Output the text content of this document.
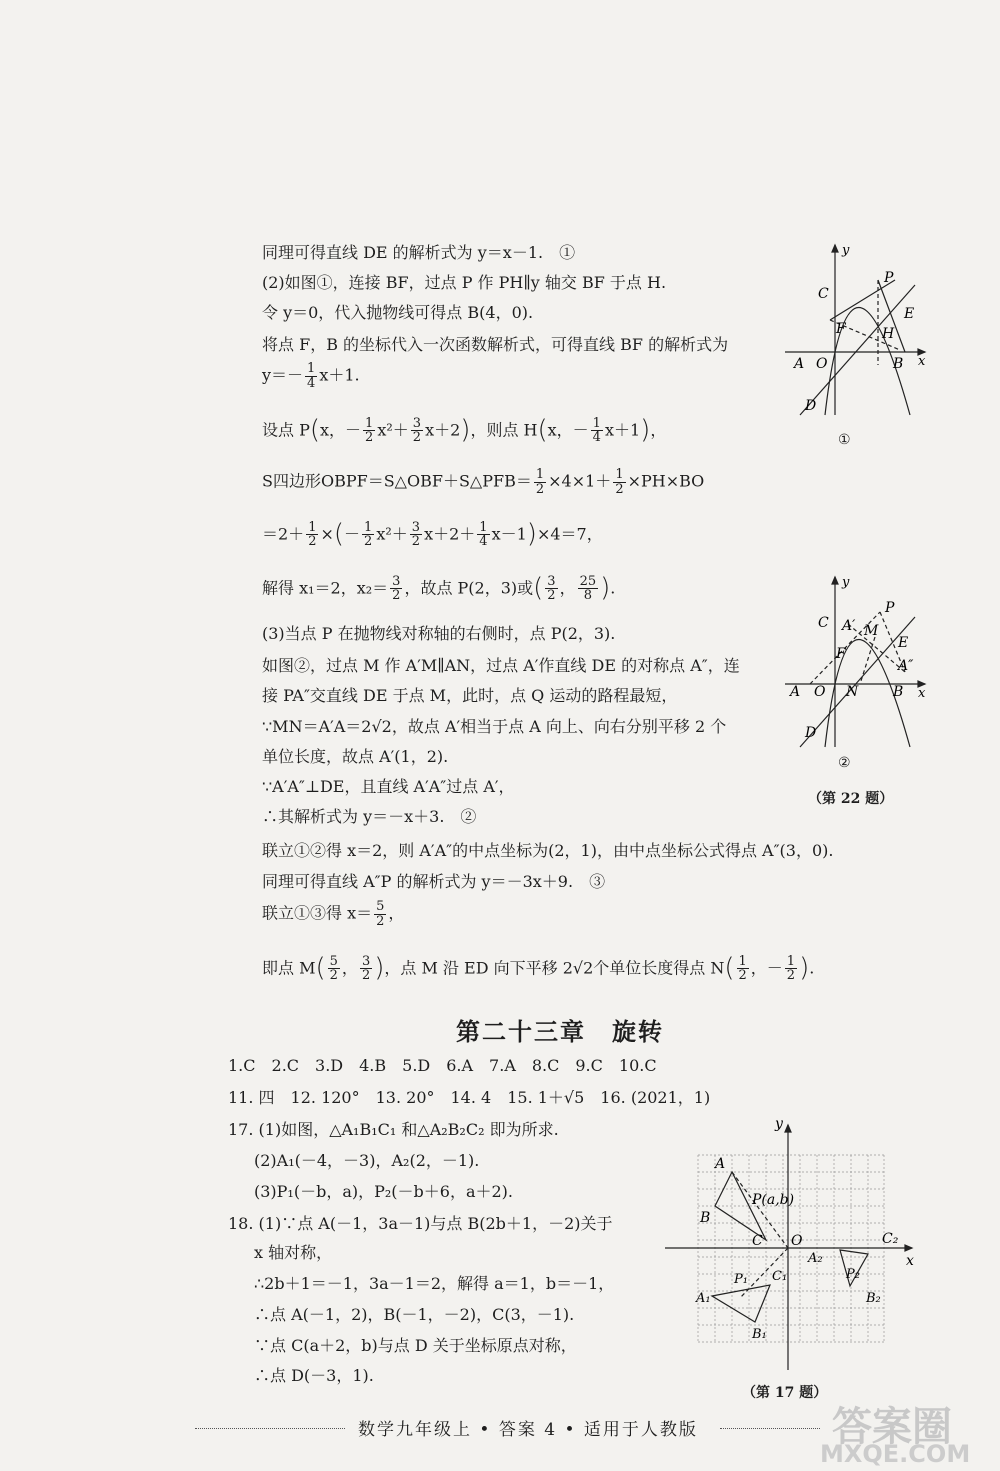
同理可得直线 DE 的解析式为 y＝x－1.　①
(2)如图①，连接 BF，过点 P 作 PH∥y 轴交 BF 于点 H.
令 y＝0，代入抛物线可得点 B(4，0).
将点 F，B 的坐标代入一次函数解析式，可得直线 BF 的解析式为
$y=- \frac{1}{4} x+1$.
设点 P(x，－ $\frac{1}{2} x^2+ \frac{3}{2} x+2$)，则点 H(x，－ $\frac{1}{4} x+1$)，
S四边形OBPF＝S△OBF＋S△PFB＝ $\frac{1}{2} \times 4\times 1+ \frac{1}{2} \times PH\times BO$
$=2+ \frac{1}{2}$ ×(－ $\frac{1}{2} x^2+ \frac{3}{2} x+2+ \frac{1}{4} x-1)\times 4=7$，
解得 x₁＝2，$x_2= \frac{3}{2}$ ，故点 P(2，3)或( $\frac{3}{2}$ ， $\frac{25}{8}$ ).
(3)当点 P 在抛物线对称轴的右侧时，点 P(2，3).
如图②，过点 M 作 A′M∥AN，过点 A′作直线 DE 的对称点 A″，连
接 PA″交直线 DE 于点 M，此时，点 Q 运动的路程最短，
∵MN＝A′A＝2√2，故点 A′相当于点 A 向上、向右分别平移 2 个
单位长度，故点 A′(1，2).
∵A′A″⊥DE，且直线 A′A″过点 A′，
∴其解析式为 y＝－x＋3.　②
联立①②得 x＝2，则 A′A″的中点坐标为(2，1)，由中点坐标公式得点 A″(3，0).
同理可得直线 A″P 的解析式为 y＝－3x＋9.　③
联立①③得 $x= \frac{5}{2}$ ，
即点 $M( \frac{5}{2}$ ， $\frac{3}{2}$ )，点 M 沿 ED 向下平移 2√2个单位长度得点 $N( \frac{1}{2}$ ，－ $\frac{1}{2}$ ).
y
x
C
P
E
F	H
A O	B
D
①
y
x
C
P
A′ M
E
F
A″
A O N B
D
②
（第 22 题）
第二十三章　旋转
1.C　2.C　3.D　4.B　5.D　6.A　7.A　8.C　9.C　10.C
11. 四　12. 120°　13. 20°　14. 4　15. 1＋√5　16. (2021，1)
17. (1)如图，△A₁B₁C₁ 和△A₂B₂C₂ 即为所求.
(2)A₁(－4，－3)，A₂(2，－1).
(3)P₁(－b，a)，P₂(－b＋6，a＋2).
18. (1)∵点 A(－1，3a－1)与点 B(2b＋1，－2)关于
x 轴对称，
∴2b＋1＝－1，3a－1＝2，解得 a＝1，b＝－1，
∴点 A(－1，2)，B(－1，－2)，C(3，－1).
∵点 C(a＋2，b)与点 D 关于坐标原点对称，
∴点 D(－3，1).
y
x
A
P(a,b)
B
C O	C₂
A₂
P₂
B₂
P₁ C₁
A₁
B₁
（第 17 题）
数学九年级上 • 答案 4 • 适用于人教版	答案圈
MXQE.COM
